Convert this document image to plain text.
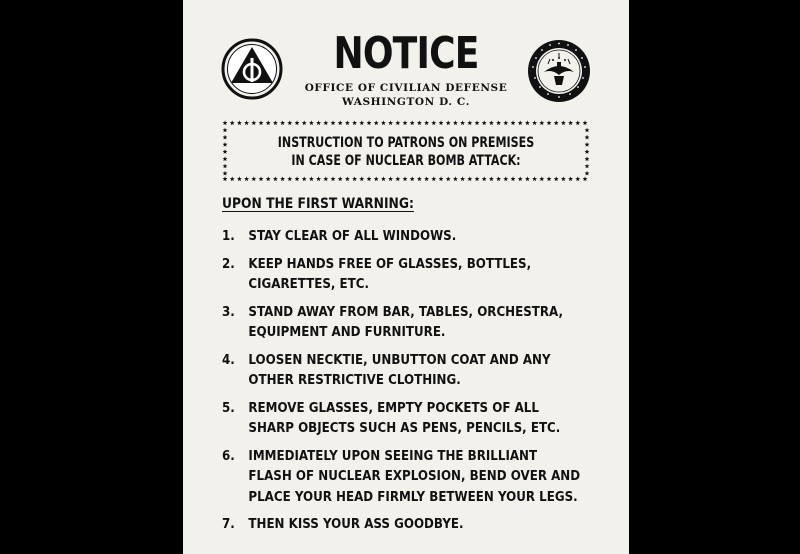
NOTICE
OFFICE OF CIVILIAN DEFENSE
WASHINGTON D. C.
INSTRUCTION TO PATRONS ON PREMISES
IN CASE OF NUCLEAR BOMB ATTACK:
UPON THE FIRST WARNING:
1.	STAY CLEAR OF ALL WINDOWS.
2.	KEEP HANDS FREE OF GLASSES, BOTTLES,
CIGARETTES, ETC.
3.	STAND AWAY FROM BAR, TABLES, ORCHESTRA,
EQUIPMENT AND FURNITURE.
4.	LOOSEN NECKTIE, UNBUTTON COAT AND ANY
OTHER RESTRICTIVE CLOTHING.
5.	REMOVE GLASSES, EMPTY POCKETS OF ALL
SHARP OBJECTS SUCH AS PENS, PENCILS, ETC.
6.	IMMEDIATELY UPON SEEING THE BRILLIANT
FLASH OF NUCLEAR EXPLOSION, BEND OVER AND
PLACE YOUR HEAD FIRMLY BETWEEN YOUR LEGS.
7.	THEN KISS YOUR ASS GOODBYE.
